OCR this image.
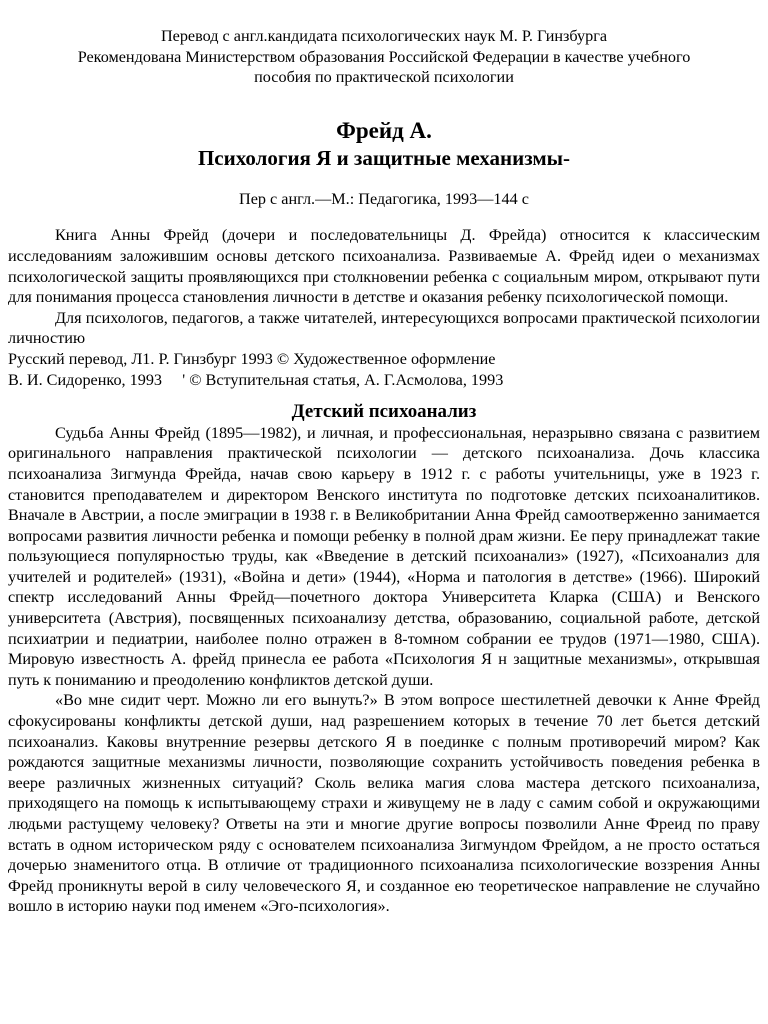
Перевод с англ.кандидата психологических наук М. Р. Гинзбурга

Рекомендована Министерством образования Российской Федерации в качестве учебного

пособия по практической психологии

Фрейд А.
Психология Я и защитные механизмы-

Пер с англ.—М.: Педагогика, 1993—144 с

Книга Анны Фрейд (дочери и последовательницы Д. Фрейда) относится к классическим исследованиям заложившим основы детского психоанализа. Развиваемые А. Фрейд идеи о механизмах психологической защиты проявляющихся при столкновении ребенка с социальным миром, открывают пути для понимания процесса становления личности в детстве и оказания ребенку психологической помощи.

Для психологов, педагогов, а также читателей, интересующихся вопросами практической психологии личностию

Русский перевод, Л1. Р. Гинзбург 1993 © Художественное оформление

В. И. Сидоренко, 1993     ' © Вступительная статья, А. Г.Асмолова, 1993

Детский психоанализ

Судьба Анны Фрейд (1895—1982), и личная, и профессиональная, неразрывно связана с развитием оригинального направления практической психологии — детского психоанализа. Дочь классика психоанализа Зигмунда Фрейда, начав свою карьеру в 1912 г. с работы учительницы, уже в 1923 г. становится преподавателем и директором Венского института по подготовке детских психоаналитиков. Вначале в Австрии, а после эмиграции в 1938 г. в Великобритании Анна Фрейд самоотверженно занимается вопросами развития личности ребенка и помощи ребенку в полной драм жизни. Ее перу принадлежат такие пользующиеся популярностью труды, как «Введение в детский психоанализ» (1927), «Психоанализ для учителей и родителей» (1931), «Война и дети» (1944), «Норма и патология в детстве» (1966). Широкий спектр исследований Анны Фрейд—почетного доктора Университета Кларка (США) и Венского университета (Австрия), посвященных психоанализу детства, образованию, социальной работе, детской психиатрии и педиатрии, наиболее полно отражен в 8-томном собрании ее трудов (1971—1980, США). Мировую известность А. фрейд принесла ее работа «Психология Я н защитные механизмы», открывшая путь к пониманию и преодолению конфликтов детской души.

«Во мне сидит черт. Можно ли его вынуть?» В этом вопросе шестилетней девочки к Анне Фрейд сфокусированы конфликты детской души, над разрешением которых в течение 70 лет бьется детский психоанализ. Каковы внутренние резервы детского Я в поединке с полным противоречий миром? Как рождаются защитные механизмы личности, позволяющие сохранить устойчивость поведения ребенка в веере различных жизненных ситуаций? Сколь велика магия слова мастера детского психоанализа, приходящего на помощь к испытывающему страхи и живущему не в ладу с самим собой и окружающими людьми растущему человеку? Ответы на эти и многие другие вопросы позволили Анне Фреид по праву встать в одном историческом ряду с основателем психоанализа Зигмундом Фрейдом, а не просто остаться дочерью знаменитого отца. В отличие от традиционного психоанализа психологические воззрения Анны Фрейд проникнуты верой в силу человеческого Я, и созданное ею теоретическое направление не случайно вошло в историю науки под именем «Эго-психология».
